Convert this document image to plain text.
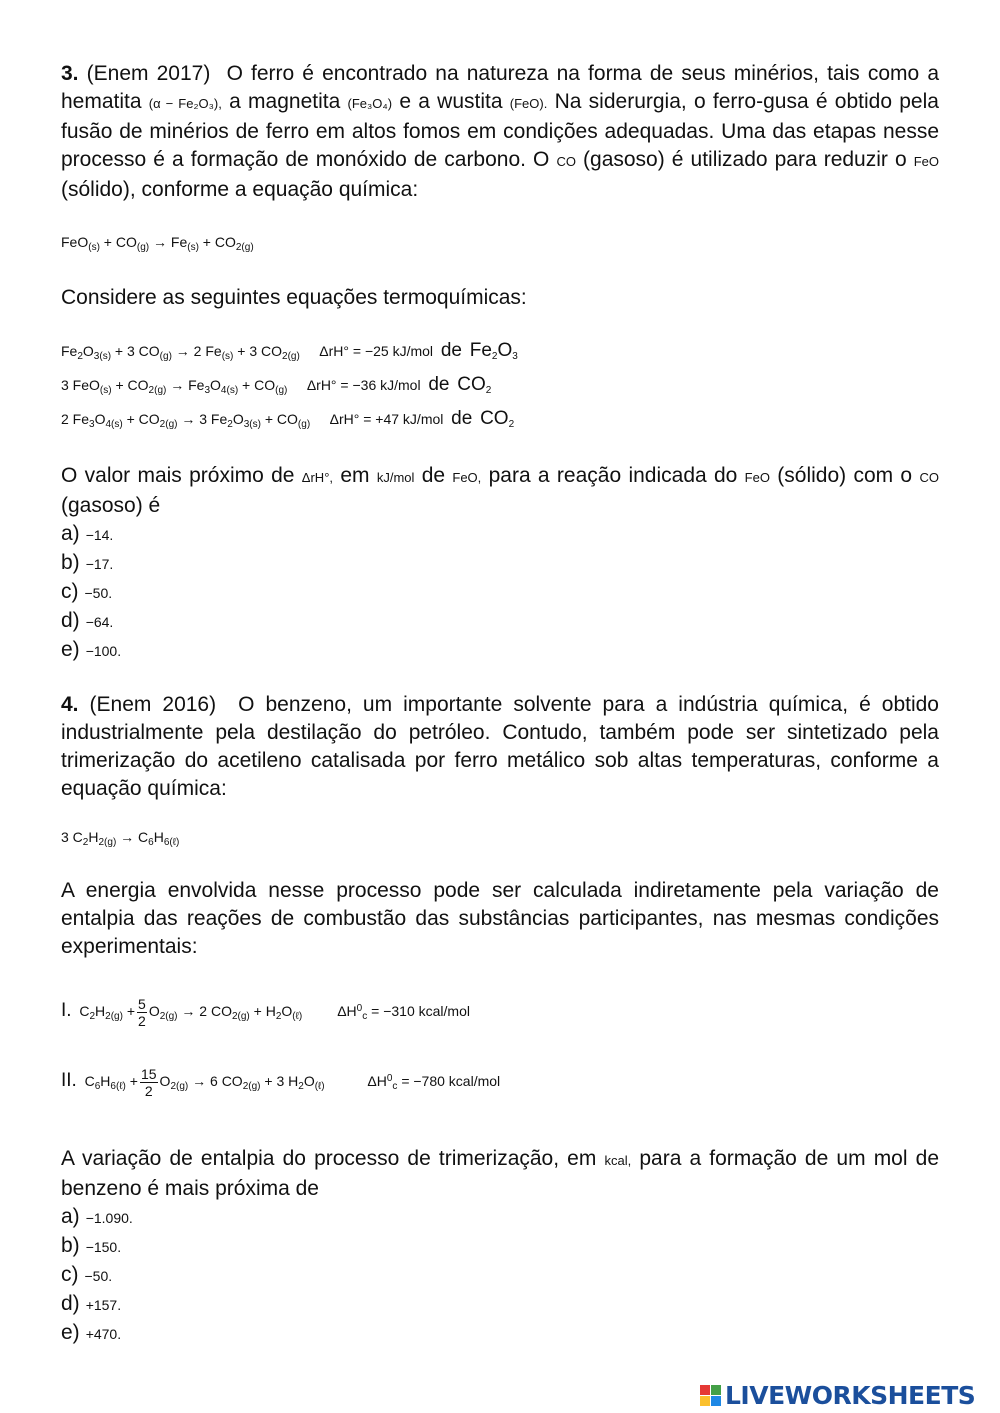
3. (Enem 2017) O ferro é encontrado na natureza na forma de seus minérios, tais como a hematita (α − Fe₂O₃), a magnetita (Fe₃O₄) e a wustita (FeO). Na siderurgia, o ferro-gusa é obtido pela fusão de minérios de ferro em altos fomos em condições adequadas. Uma das etapas nesse processo é a formação de monóxido de carbono. O CO (gasoso) é utilizado para reduzir o FeO (sólido), conforme a equação química:

$FeO_{(s)} + CO_{(g)} \to Fe_{(s)} + CO_{2(g)}$

Considere as seguintes equações termoquímicas:

$Fe_2O_{3(s)} + 3$ $CO_{(g)} \to 2$ $Fe_{(s)} + 3$ $CO_{2(g)}$ ΔrH° = −25 kJ/mol de $Fe_2O_3$
3 $FeO_{(s)} + CO_{2(g)} \to Fe_3O_{4(s)} + CO_{(g)}$ ΔrH° = −36 kJ/mol de $CO_2$
2 $Fe_3O_{4(s)} + CO_{2(g)} \to 3$ $Fe_2O_{3(s)} + CO_{(g)}$ ΔrH° = +47 kJ/mol de $CO_2$

O valor mais próximo de ΔrH°, em kJ/mol de FeO, para a reação indicada do FeO (sólido) com o CO (gasoso) é

a) −14.
b) −17.
c) −50.
d) −64.
e) −100.

4. (Enem 2016) O benzeno, um importante solvente para a indústria química, é obtido industrialmente pela destilação do petróleo. Contudo, também pode ser sintetizado pela trimerização do acetileno catalisada por ferro metálico sob altas temperaturas, conforme a equação química:

3 $C_2H_{2(g)} \to C_6H_{6(\ell)}$

A energia envolvida nesse processo pode ser calculada indiretamente pela variação de entalpia das reações de combustão das substâncias participantes, nas mesmas condições experimentais:

I.  $C_2H_{2(g)} + \frac{5}{2} O_{2(g)} \to 2$ $CO_{2(g)} + H_2O_{(\ell)}$         $\Delta H^0_c = -310$ kcal/mol
II.  $C_6H_{6(\ell)} + \frac{15}{2} O_{2(g)} \to 6$ $CO_{2(g)} + 3$ $H_2O_{(\ell)}$           $\Delta H^0_c = -780$ kcal/mol

A variação de entalpia do processo de trimerização, em kcal, para a formação de um mol de benzeno é mais próxima de

a) −1.090.
b) −150.
c) −50.
d) +157.
e) +470.
LIVEWORKSHEETS
